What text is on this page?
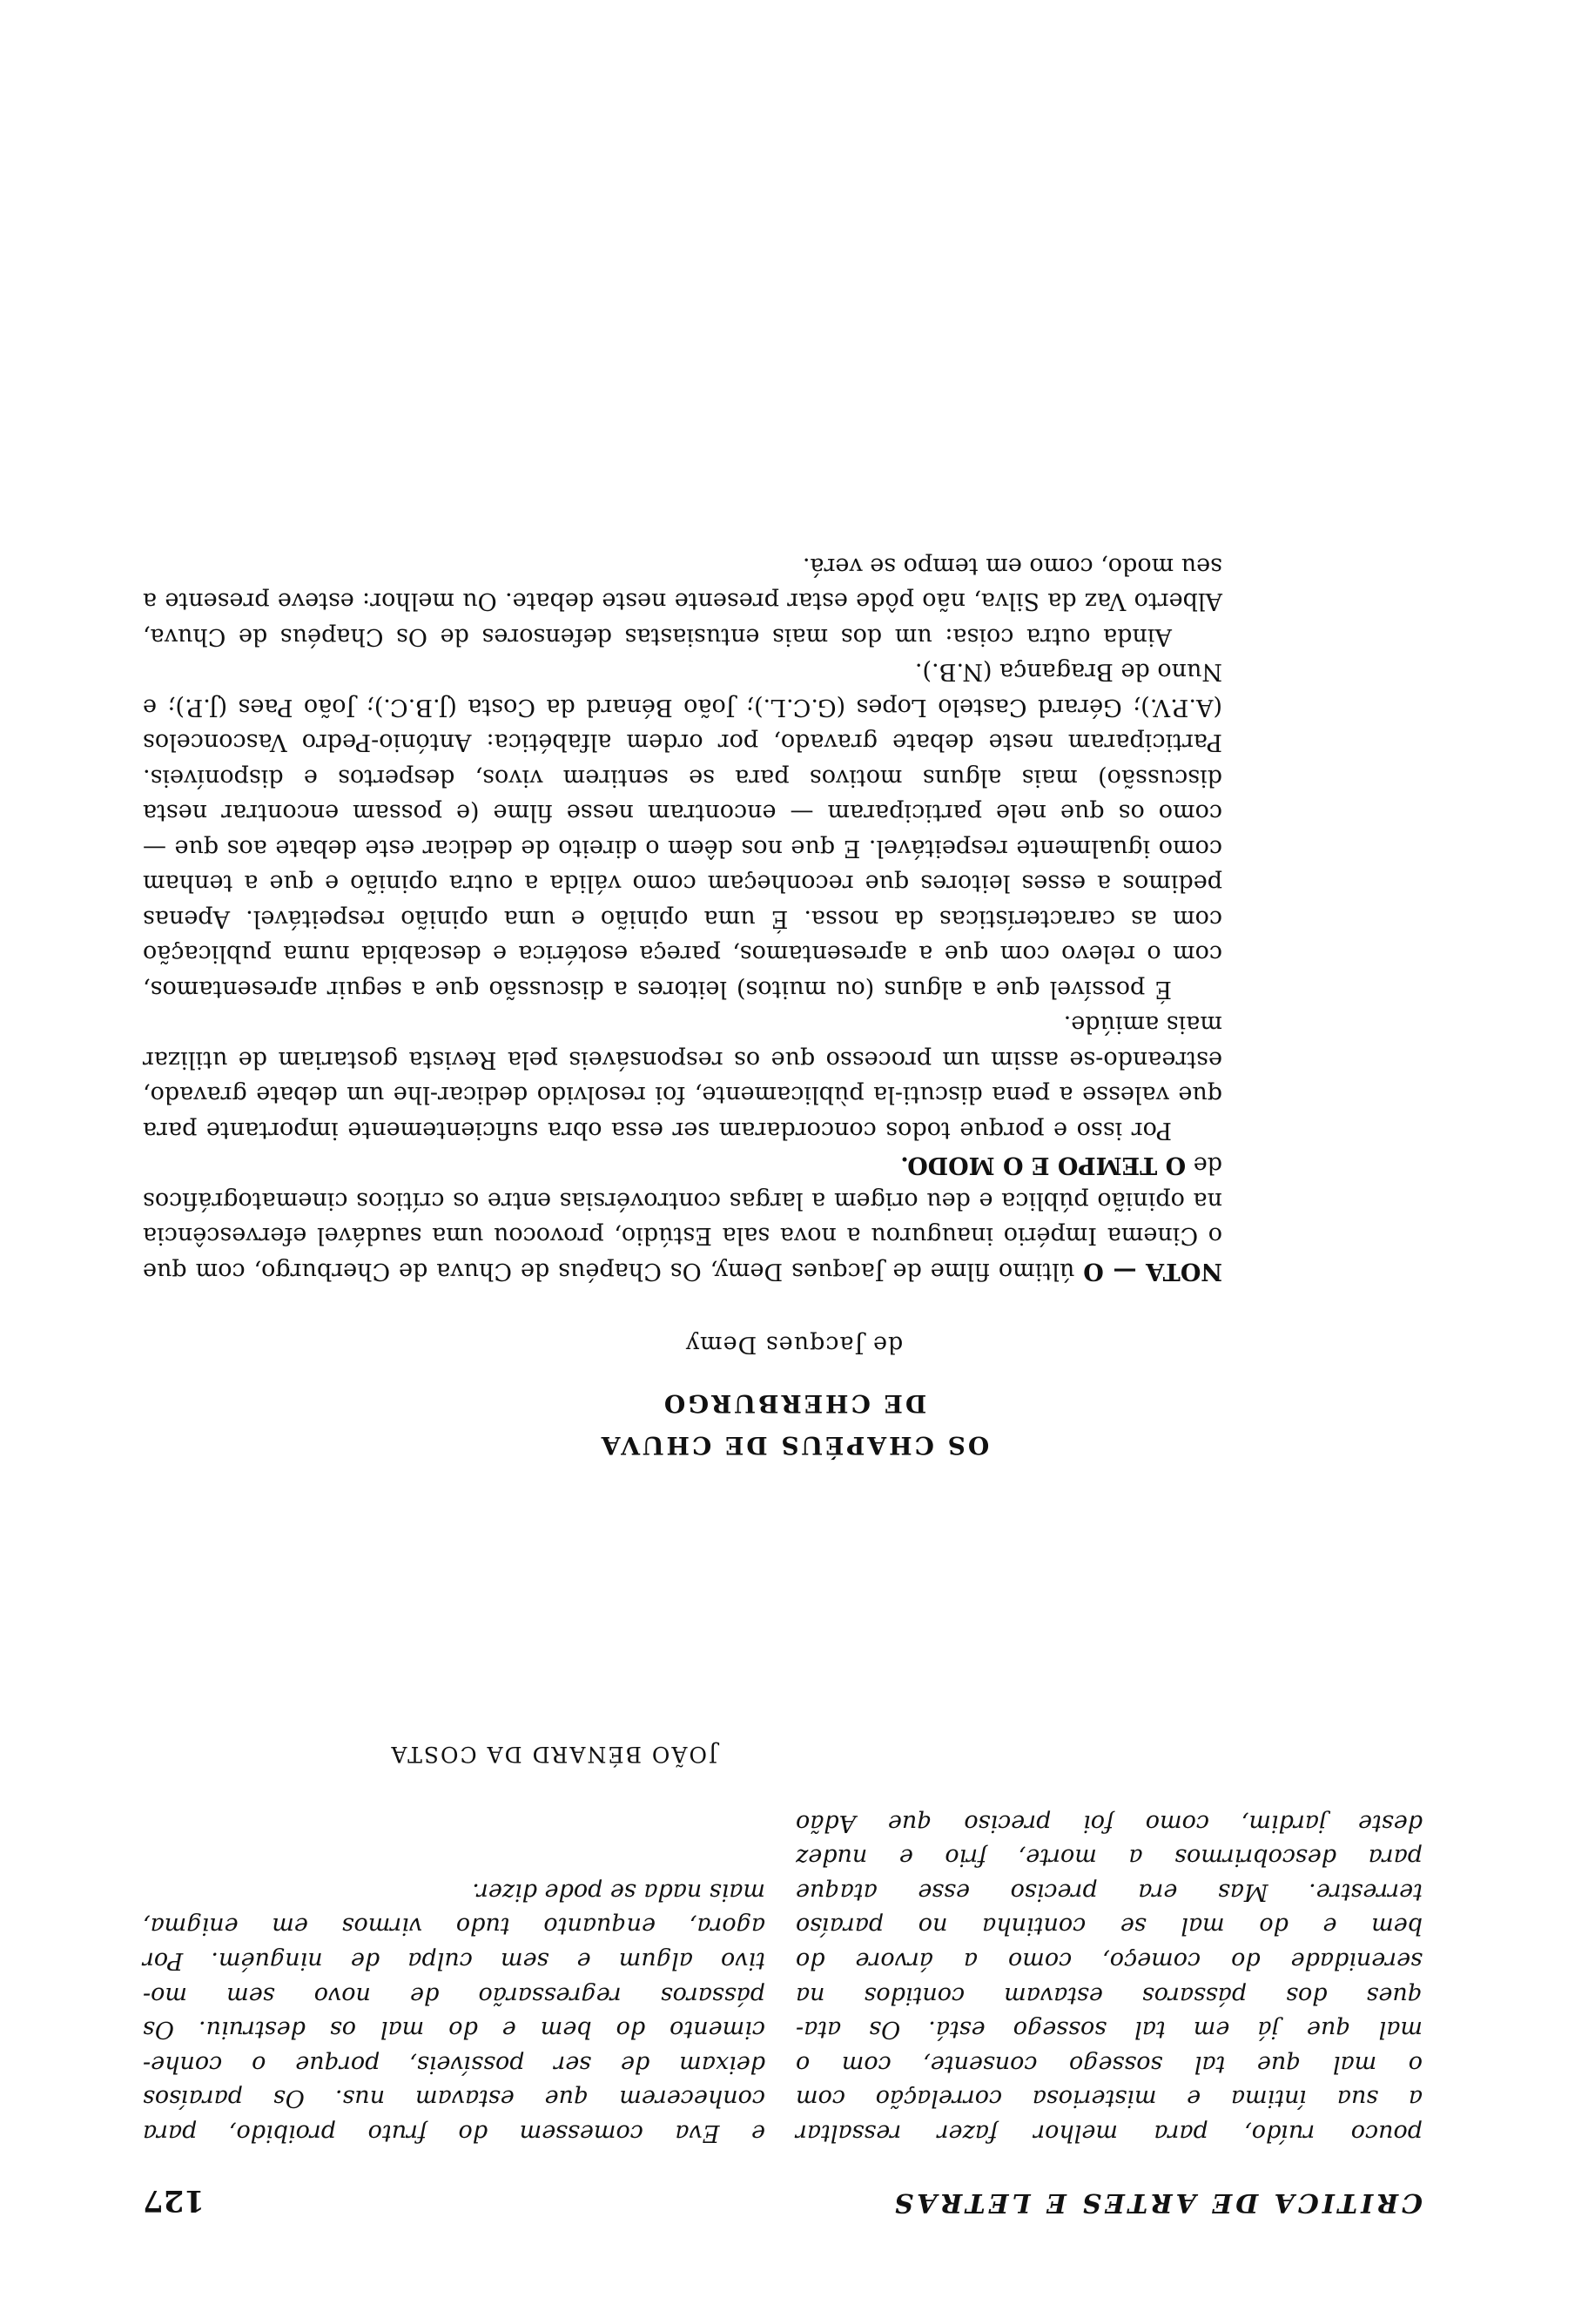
CRITICA DE ARTES E LETRAS
127

pouco ruído, para melhor fazer ressaltar

a sua íntima e misteriosa correlação com

o mal que tal sossego consente, com o

mal que já em tal sossego está. Os ata-

ques dos pássaros estavam contidos na

serenidade do começo, como a árvore do

bem e do mal se continha no paraíso

terrestre. Mas era preciso esse ataque

para descobrirmos a morte, frio e nudez

deste jardim, como foi preciso que Adão

e Eva comessem do fruto proibido, para

conhecerem que estavam nus. Os paraísos

deixam de ser possíveis, porque o conhe-

cimento do bem e do mal os destruiu. Os

pássaros regressarão de novo sem mo-

tivo algum e sem culpa de ninguém. Por

agora, enquanto tudo virmos em enigma,

mais nada se pode dizer.

JOÃO BÉNARD DA COSTA
OS CHAPÉUS DE CHUVA
DE CHERBURGO
de Jacques Demy

NOTA — O último filme de Jacques Demy, Os Chapéus de Chuva de Cherburgo, com que o Cinema Império inaugurou a nova sala Estúdio, provocou uma saudável efervescência na opinião pública e deu origem a largas controvérsias entre os críticos cinematográficos de O TEMPO E O MODO.

Por isso e porque todos concordaram ser essa obra suficientemente importante para que valesse a pena discuti-la pùblicamente, foi resolvido dedicar-lhe um debate gravado, estreando-se assim um processo que os responsáveis pela Revista gostariam de utilizar mais amiúde.

É possível que a alguns (ou muitos) leitores a discussão que a seguir apresentamos, com o relevo com que a apresentamos, pareça esotérica e descabida numa publicação com as características da nossa. É uma opinião e uma opinião respeitável. Apenas pedimos a esses leitores que reconheçam como válida a outra opinião e que a tenham como igualmente respeitável. E que nos dêem o direito de dedicar este debate aos que — como os que nele participaram — encontram nesse filme (e possam encontrar nesta discussão) mais alguns motivos para se sentirem vivos, despertos e disponíveis. Participaram neste debate gravado, por ordem alfabética: António-Pedro Vasconcelos (A.P.V.); Gérard Castelo Lopes (G.C.L.); João Bénard da Costa (J.B.C.); João Paes (J.P.); e Nuno de Bragança (N.B.).

Ainda outra coisa: um dos mais entusiastas defensores de Os Chapéus de Chuva, Alberto Vaz da Silva, não pôde estar presente neste debate. Ou melhor: esteve presente a seu modo, como em tempo se verá.
